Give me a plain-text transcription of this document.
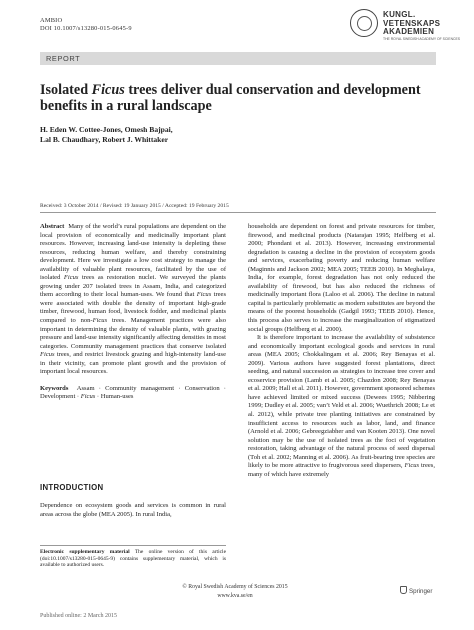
AMBIO
DOI 10.1007/s13280-015-0645-9
KUNGL.
VETENSKAPS
AKADEMIEN
THE ROYAL SWEDISH ACADEMY OF SCIENCES
REPORT
Isolated Ficus trees deliver dual conservation and development benefits in a rural landscape
H. Eden W. Cottee-Jones, Omesh Bajpai,
Lal B. Chaudhary, Robert J. Whittaker
Received: 3 October 2014 / Revised: 19 January 2015 / Accepted: 19 February 2015

Abstract Many of the world’s rural populations are dependent on the local provision of economically and medicinally important plant resources. However, increasing land-use intensity is depleting these resources, reducing human welfare, and thereby constraining development. Here we investigate a low cost strategy to manage the availability of valuable plant resources, facilitated by the use of isolated Ficus trees as restoration nuclei. We surveyed the plants growing under 207 isolated trees in Assam, India, and categorized them according to their local human-uses. We found that Ficus trees were associated with double the density of important high-grade timber, firewood, human food, livestock fodder, and medicinal plants compared to non-Ficus trees. Management practices were also important in determining the density of valuable plants, with grazing pressure and land-use intensity significantly affecting densities in most categories. Community management practices that conserve isolated Ficus trees, and restrict livestock grazing and high-intensity land-use in their vicinity, can promote plant growth and the provision of important local resources.

Keywords Assam · Community management · Conservation · Development · Ficus · Human-uses

INTRODUCTION
Dependence on ecosystem goods and services is common in rural areas across the globe (MEA 2005). In rural India,
Electronic supplementary material The online version of this article (doi:10.1007/s13280-015-0645-9) contains supplementary material, which is available to authorized users.

households are dependent on forest and private resources for timber, firewood, and medicinal products (Natarajan 1995; Helfberg et al. 2000; Phondani et al. 2013). However, increasing environmental degradation is causing a decline in the provision of ecosystem goods and services, exacerbating poverty and reducing human welfare (Maginnis and Jackson 2002; MEA 2005; TEEB 2010). In Meghalaya, India, for example, forest degradation has not only reduced the availability of firewood, but has also reduced the richness of medicinally important flora (Laloo et al. 2006). The decline in natural capital is particularly problematic as modern substitutes are beyond the means of the poorest households (Gadgil 1993; TEEB 2010). Hence, this process also serves to increase the marginalization of stigmatized social groups (Helfberg et al. 2000).

It is therefore important to increase the availability of subsistence and economically important ecological goods and services in rural areas (MEA 2005; Chokkalingam et al. 2006; Rey Benayas et al. 2009). Various authors have suggested forest plantations, direct seeding, and natural succession as strategies to increase tree cover and ecoservice provision (Lamb et al. 2005; Chazdon 2008; Rey Benayas et al. 2009; Hall et al. 2011). However, government sponsored schemes have achieved limited or mixed success (Dewees 1995; Nibbering 1999; Dudley et al. 2005; van’t Veld et al. 2006; Wuethrich 2008; Le et al. 2012), while private tree planting initiatives are constrained by insufficient access to resources such as labor, land, and finance (Arnold et al. 2006; Gebreegziabher and van Kooten 2013). One novel solution may be the use of isolated trees as the foci of vegetation restoration, taking advantage of the natural process of seed dispersal (Toh et al. 2002; Manning et al. 2006). As fruit-bearing tree species are likely to be more attractive to frugivorous seed dispersers, Ficus trees, many of which have extremely

© Royal Swedish Academy of Sciences 2015
www.kva.se/en
Springer
Published online: 2 March 2015
